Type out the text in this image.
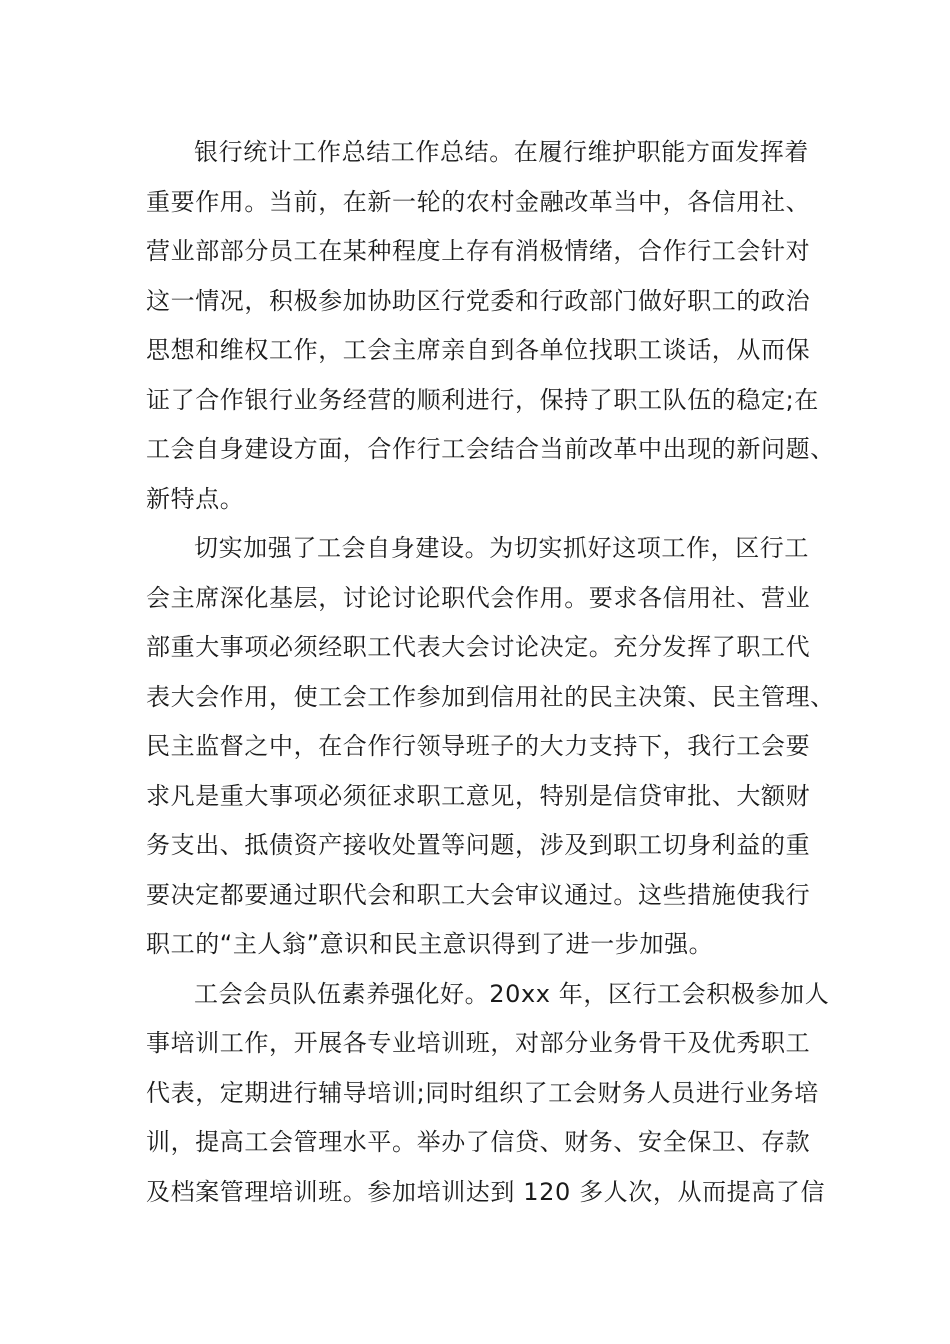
银行统计工作总结工作总结。在履行维护职能方面发挥着
重要作用。当前，在新一轮的农村金融改革当中，各信用社、
营业部部分员工在某种程度上存有消极情绪，合作行工会针对
这一情况，积极参加协助区行党委和行政部门做好职工的政治
思想和维权工作，工会主席亲自到各单位找职工谈话，从而保
证了合作银行业务经营的顺利进行，保持了职工队伍的稳定;在
工会自身建设方面，合作行工会结合当前改革中出现的新问题、
新特点。
切实加强了工会自身建设。为切实抓好这项工作，区行工
会主席深化基层，讨论讨论职代会作用。要求各信用社、营业
部重大事项必须经职工代表大会讨论决定。充分发挥了职工代
表大会作用，使工会工作参加到信用社的民主决策、民主管理、
民主监督之中，在合作行领导班子的大力支持下，我行工会要
求凡是重大事项必须征求职工意见，特别是信贷审批、大额财
务支出、抵债资产接收处置等问题，涉及到职工切身利益的重
要决定都要通过职代会和职工大会审议通过。这些措施使我行
职工的“主人翁”意识和民主意识得到了进一步加强。
工会会员队伍素养强化好。20xx 年，区行工会积极参加人
事培训工作，开展各专业培训班，对部分业务骨干及优秀职工
代表，定期进行辅导培训;同时组织了工会财务人员进行业务培
训，提高工会管理水平。举办了信贷、财务、安全保卫、存款
及档案管理培训班。参加培训达到 120 多人次，从而提高了信
